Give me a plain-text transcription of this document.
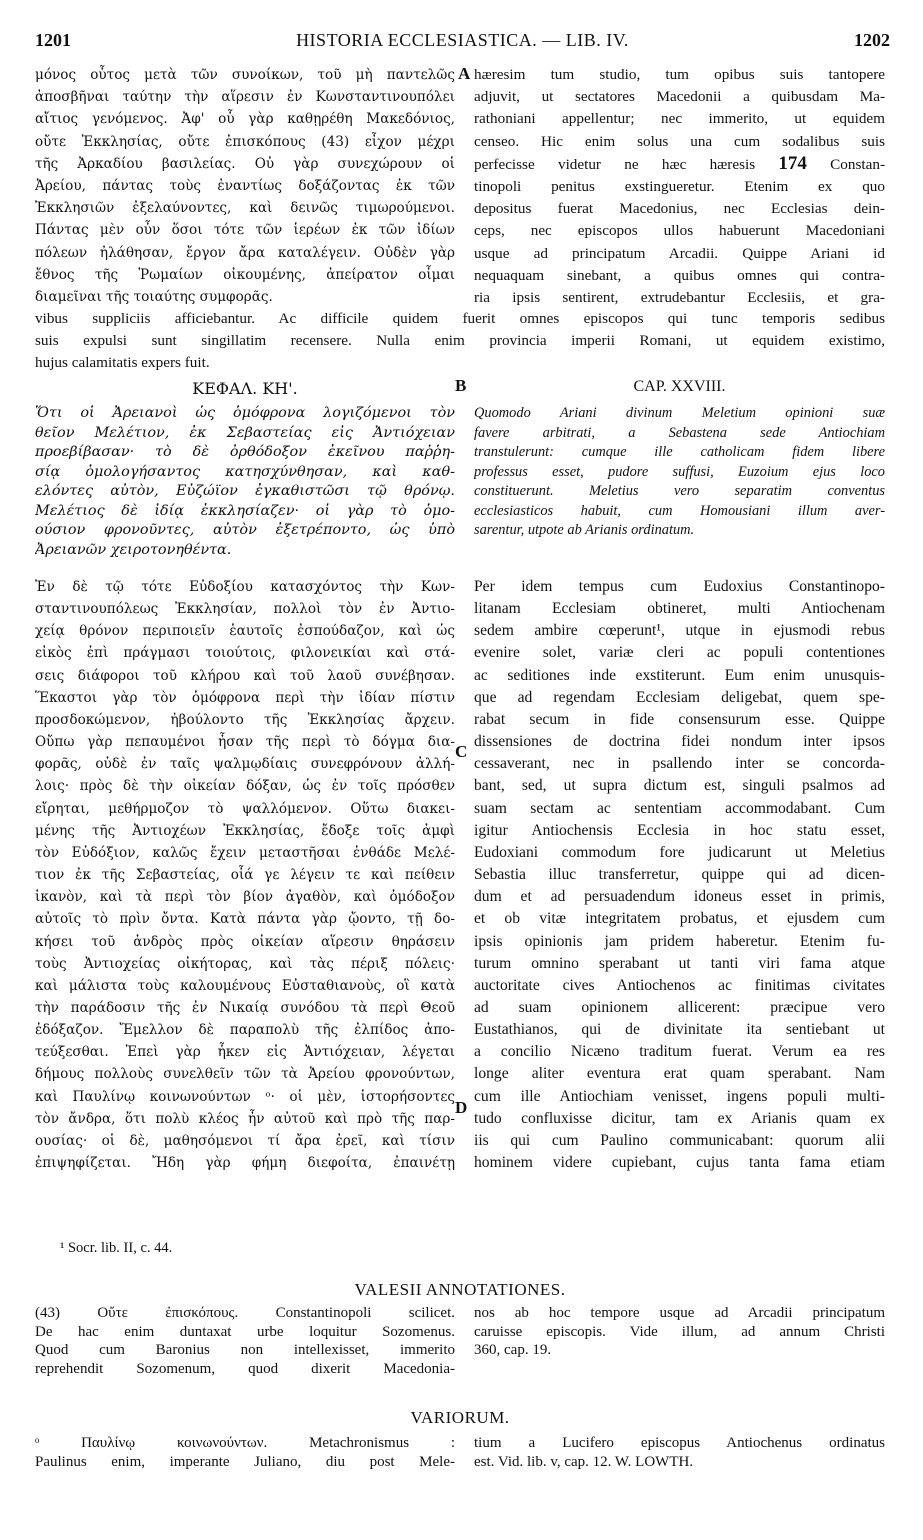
1201	HISTORIA ECCLESIASTICA. — LIB. IV.	1202
μόνος οὗτος μετὰ τῶν συνοίκων, τοῦ μὴ παντελῶς
ἀποσβῆναι ταύτην τὴν αἵρεσιν ἐν Κωνσταντινουπόλει
αἴτιος γενόμενος. Ἀφ' οὗ γὰρ καθῃρέθη Μακεδόνιος,
οὔτε Ἐκκλησίας, οὔτε ἐπισκόπους (43) εἶχον μέχρι
τῆς Ἀρκαδίου βασιλείας. Οὐ γὰρ συνεχώρουν οἱ
Ἀρείου, πάντας τοὺς ἐναντίως δοξάζοντας ἐκ τῶν
Ἐκκλησιῶν ἐξελαύνοντες, καὶ δεινῶς τιμωρούμενοι.
Πάντας μὲν οὖν ὅσοι τότε τῶν ἱερέων ἐκ τῶν ἰδίων
πόλεων ἠλάθησαν, ἔργον ἄρα καταλέγειν. Οὐδὲν γὰρ
ἔθνος τῆς Ῥωμαίων οἰκουμένης, ἀπείρατον οἶμαι
διαμεῖναι τῆς τοιαύτης συμφορᾶς.
A hæresim tum studio, tum opibus suis tantopere
adjuvit, ut sectatores Macedonii a quibusdam Ma-
rathoniani appellentur; nec immerito, ut equidem
censeo. Hic enim solus una cum sodalibus suis
perfecisse videtur ne hæc hæresis 174 Constan-
tinopoli penitus exstingueretur. Etenim ex quo
depositus fuerat Macedonius, nec Ecclesias dein-
ceps, nec episcopos ullos habuerunt Macedoniani
usque ad principatum Arcadii. Quippe Ariani id
nequaquam sinebant, a quibus omnes qui contra-
ria ipsis sentirent, extrudebantur Ecclesiis, et gra-
vibus suppliciis afficiebantur. Ac difficile quidem fuerit omnes episcopos qui tunc temporis sedibus
suis expulsi sunt singillatim recensere. Nulla enim provincia imperii Romani, ut equidem existimo,
hujus calamitatis expers fuit.
ΚΕΦΑΛ. ΚΗ'.	B	CAP. XXVIII.
Ὅτι οἱ Ἀρειανοὶ ὡς ὁμόφρονα λογιζόμενοι τὸν
θεῖον Μελέτιον, ἐκ Σεβαστείας εἰς Ἀντιόχειαν
προεβίβασαν· τὸ δὲ ὀρθόδοξον ἐκεῖνου παῤῥη-
σίᾳ ὁμολογήσαντος κατησχύνθησαν, καὶ καθ-
ελόντες αὐτὸν, Εὐζώϊον ἐγκαθιστῶσι τῷ θρόνῳ.
Μελέτιος δὲ ἰδίᾳ ἐκκλησίαζεν· οἱ γὰρ τὸ ὁμο-
ούσιον φρονοῦντες, αὐτὸν ἐξετρέποντο, ὡς ὑπὸ
Ἀρειανῶν χειροτονηθέντα.
Quomodo Ariani divinum Meletium opinioni suæ
favere arbitrati, a Sebastena sede Antiochiam
transtulerunt: cumque ille catholicam fidem libere
professus esset, pudore suffusi, Euzoium ejus loco
constituerunt. Meletius vero separatim conventus
ecclesiasticos habuit, cum Homousiani illum aver-
sarentur, utpote ab Arianis ordinatum.
Ἐν δὲ τῷ τότε Εὐδοξίου κατασχόντος τὴν Κων-
σταντινουπόλεως Ἐκκλησίαν, πολλοὶ τὸν ἐν Ἀντιο-
χείᾳ θρόνον περιποιεῖν ἑαυτοῖς ἐσπούδαζον, καὶ ὡς
εἰκὸς ἐπὶ πράγμασι τοιούτοις, φιλονεικίαι καὶ στά-
σεις διάφοροι τοῦ κλήρου καὶ τοῦ λαοῦ συνέβησαν.
Ἕκαστοι γὰρ τὸν ὁμόφρονα περὶ τὴν ἰδίαν πίστιν
προσδοκώμενον, ἠβούλοντο τῆς Ἐκκλησίας ἄρχειν.
Οὔπω γὰρ πεπαυμένοι ἦσαν τῆς περὶ τὸ δόγμα δια-
φορᾶς, οὐδὲ ἐν ταῖς ψαλμῳδίαις συνεφρόνουν ἀλλή-
λοις· πρὸς δὲ τὴν οἰκείαν δόξαν, ὡς ἐν τοῖς πρόσθεν
εἴρηται, μεθήρμοζον τὸ ψαλλόμενον. Οὕτω διακει-
μένης τῆς Ἀντιοχέων Ἐκκλησίας, ἔδοξε τοῖς ἀμφὶ
τὸν Εὐδόξιον, καλῶς ἔχειν μεταστῆσαι ἐνθάδε Μελέ-
τιον ἐκ τῆς Σεβαστείας, οἷά γε λέγειν τε καὶ πείθειν
ἱκανὸν, καὶ τὰ περὶ τὸν βίον ἀγαθὸν, καὶ ὁμόδοξον
αὐτοῖς τὸ πρὶν ὄντα. Κατὰ πάντα γὰρ ᾤοντο, τῇ δο-
κήσει τοῦ ἀνδρὸς πρὸς οἰκείαν αἵρεσιν θηράσειν
τοὺς Ἀντιοχείας οἰκήτορας, καὶ τὰς πέριξ πόλεις·
καὶ μάλιστα τοὺς καλουμένους Εὐσταθιανοὺς, οἳ κατὰ
τὴν παράδοσιν τῆς ἐν Νικαίᾳ συνόδου τὰ περὶ Θεοῦ
ἐδόξαζον. Ἔμελλον δὲ παραπολὺ τῆς ἐλπίδος ἀπο-
τεύξεσθαι. Ἐπεὶ γὰρ ἧκεν εἰς Ἀντιόχειαν, λέγεται
δήμους πολλοὺς συνελθεῖν τῶν τὰ Ἀρείου φρονούντων,
καὶ Παυλίνῳ κοινωνούντων ᵒ· οἱ μὲν, ἱστορήσοντες
τὸν ἄνδρα, ὅτι πολὺ κλέος ἦν αὐτοῦ καὶ πρὸ τῆς παρ-
ουσίας· οἱ δὲ, μαθησόμενοι τί ἄρα ἐρεῖ, καὶ τίσιν
ἐπιψηφίζεται. Ἤδη γὰρ φήμη διεφοίτα, ἐπαινέτῃ
C
D
Per idem tempus cum Eudoxius Constantinopo-
litanam Ecclesiam obtineret, multi Antiochenam
sedem ambire cœperunt¹, utque in ejusmodi rebus
evenire solet, variæ cleri ac populi contentiones
ac seditiones inde exstiterunt. Eum enim unusquis-
que ad regendam Ecclesiam deligebat, quem spe-
rabat secum in fide consensurum esse. Quippe
dissensiones de doctrina fidei nondum inter ipsos
cessaverant, nec in psallendo inter se concorda-
bant, sed, ut supra dictum est, singuli psalmos ad
suam sectam ac sententiam accommodabant. Cum
igitur Antiochensis Ecclesia in hoc statu esset,
Eudoxiani commodum fore judicarunt ut Meletius
Sebastia illuc transferretur, quippe qui ad dicen-
dum et ad persuadendum idoneus esset in primis,
et ob vitæ integritatem probatus, et ejusdem cum
ipsis opinionis jam pridem haberetur. Etenim fu-
turum omnino sperabant ut tanti viri fama atque
auctoritate cives Antiochenos ac finitimas civitates
ad suam opinionem allicerent: præcipue vero
Eustathianos, qui de divinitate ita sentiebant ut
a concilio Nicæno traditum fuerat. Verum ea res
longe aliter eventura erat quam sperabant. Nam
cum ille Antiochiam venisset, ingens populi multi-
tudo confluxisse dicitur, tam ex Arianis quam ex
iis qui cum Paulino communicabant: quorum alii
hominem videre cupiebant, cujus tanta fama etiam
¹ Socr. lib. II, c. 44.
VALESII ANNOTATIONES.
(43) Οὔτε ἐπισκόπους. Constantinopoli scilicet.
De hac enim duntaxat urbe loquitur Sozomenus.
Quod cum Baronius non intellexisset, immerito
reprehendit Sozomenum, quod dixerit Macedonia-
nos ab hoc tempore usque ad Arcadii principatum
caruisse episcopis. Vide illum, ad annum Christi
360, cap. 19.
VARIORUM.
ᵒ Παυλίνῳ κοινωνούντων. Metachronismus :
Paulinus enim, imperante Juliano, diu post Mele-
tium a Lucifero episcopus Antiochenus ordinatus
est. Vid. lib. v, cap. 12. W. LOWTH.
